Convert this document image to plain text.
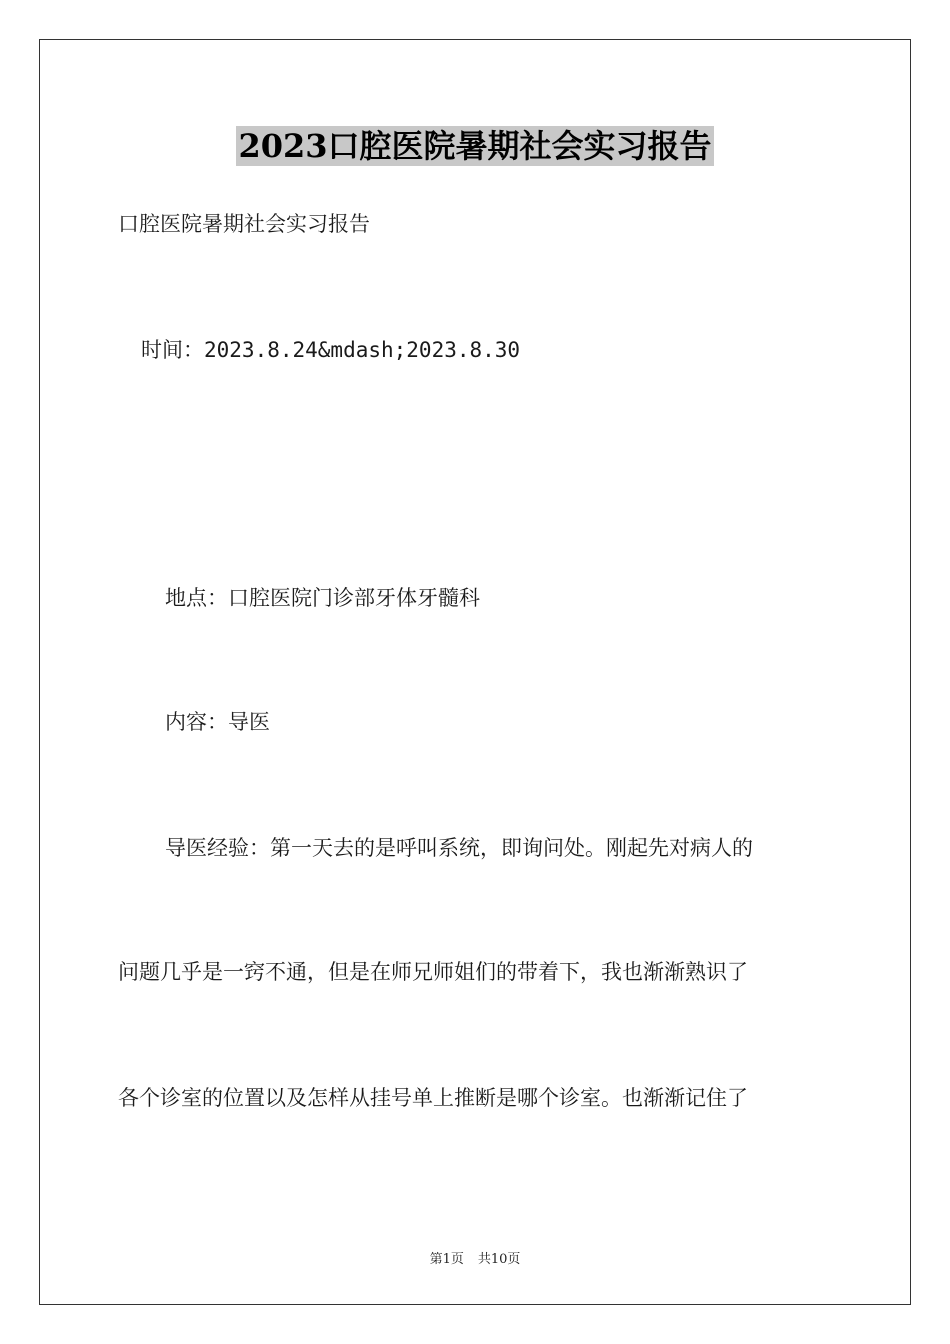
2023口腔医院暑期社会实习报告
口腔医院暑期社会实习报告
时间：2023.8.24&mdash;2023.8.30
地点：口腔医院门诊部牙体牙髓科
内容：导医
导医经验：第一天去的是呼叫系统，即询问处。刚起先对病人的
问题几乎是一窍不通，但是在师兄师姐们的带着下，我也渐渐熟识了
各个诊室的位置以及怎样从挂号单上推断是哪个诊室。也渐渐记住了
第1页 共10页
